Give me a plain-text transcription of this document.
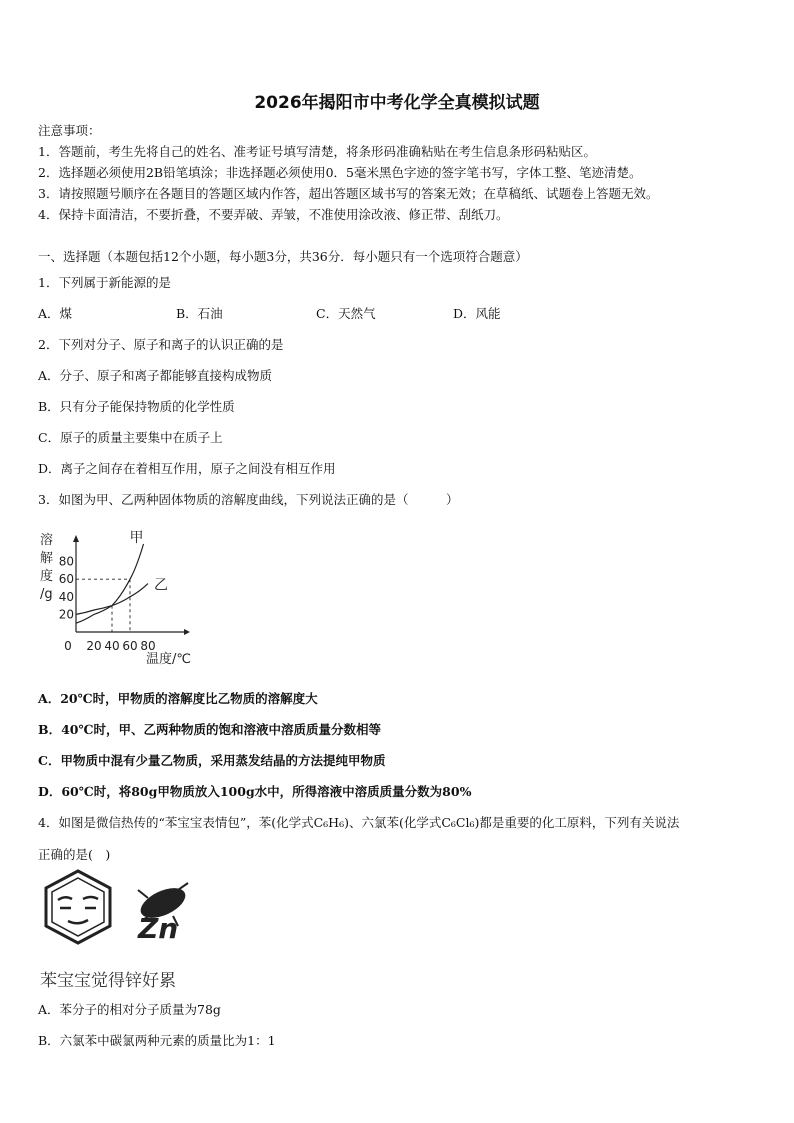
2026年揭阳市中考化学全真模拟试题
注意事项：
1．答题前，考生先将自己的姓名、准考证号填写清楚，将条形码准确粘贴在考生信息条形码粘贴区。
2．选择题必须使用2B铅笔填涂；非选择题必须使用0．5毫米黑色字迹的签字笔书写，字体工整、笔迹清楚。
3．请按照题号顺序在各题目的答题区域内作答，超出答题区域书写的答案无效；在草稿纸、试题卷上答题无效。
4．保持卡面清洁，不要折叠，不要弄破、弄皱，不准使用涂改液、修正带、刮纸刀。
一、选择题（本题包括12个小题，每小题3分，共36分．每小题只有一个选项符合题意）
1．下列属于新能源的是
A．煤	B．石油	C．天然气	D．风能
2．下列对分子、原子和离子的认识正确的是
A．分子、原子和离子都能够直接构成物质
B．只有分子能保持物质的化学性质
C．原子的质量主要集中在质子上
D．离子之间存在着相互作用，原子之间没有相互作用
3．如图为甲、乙两种固体物质的溶解度曲线，下列说法正确的是（　　　）
溶解度/g
20
40
60
80
0 20 40 60 80
温度/℃
甲
乙
A．20℃时，甲物质的溶解度比乙物质的溶解度大
B．40℃时，甲、乙两种物质的饱和溶液中溶质质量分数相等
C．甲物质中混有少量乙物质，采用蒸发结晶的方法提纯甲物质
D．60℃时，将80g甲物质放入100g水中，所得溶液中溶质质量分数为80%
4．如图是微信热传的“苯宝宝表情包”，苯(化学式C₆H₆)、六氯苯(化学式C₆Cl₆)都是重要的化工原料，下列有关说法
正确的是(　)
Zn
苯宝宝觉得锌好累
A．苯分子的相对分子质量为78g
B．六氯苯中碳氯两种元素的质量比为1：1
